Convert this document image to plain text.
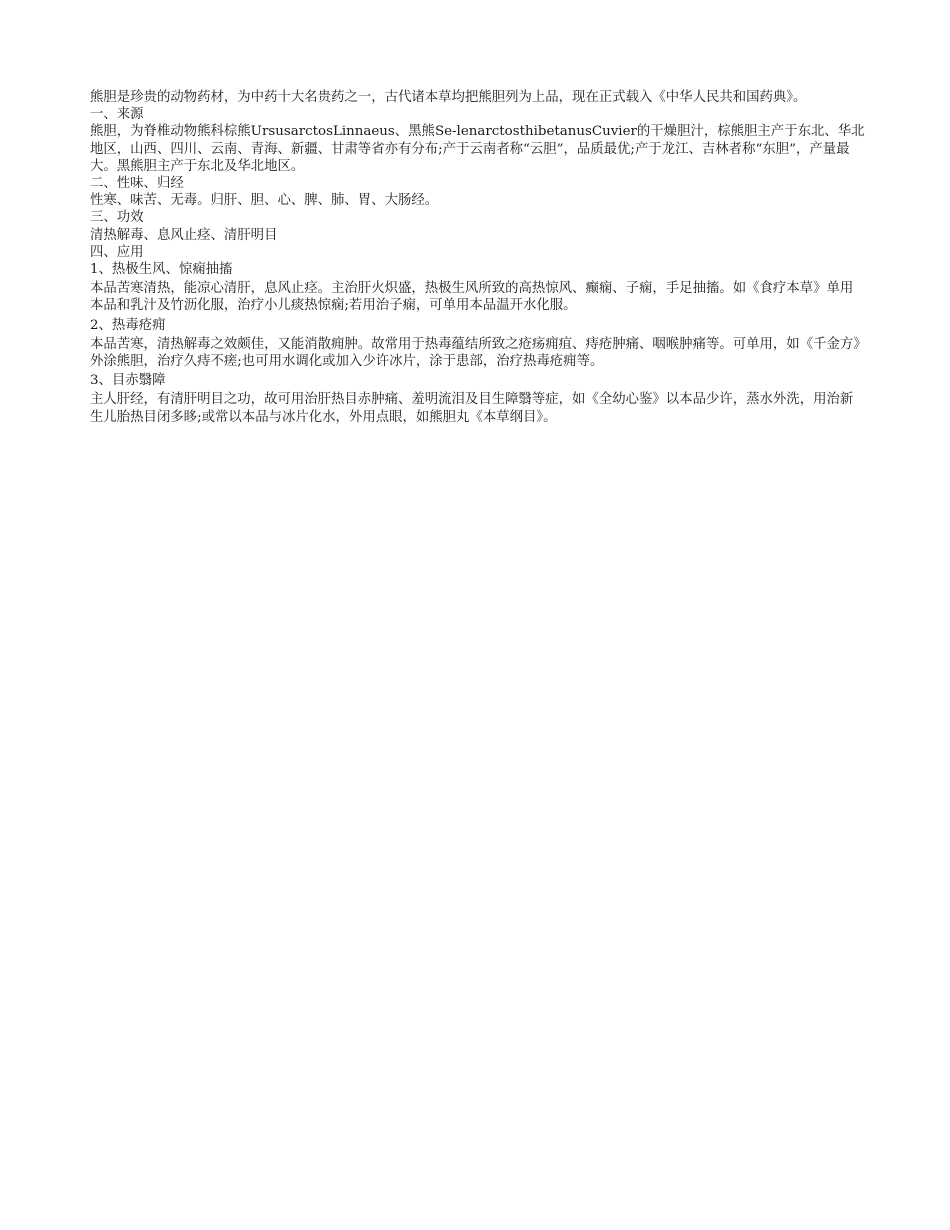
熊胆是珍贵的动物药材，为中药十大名贵药之一，古代诸本草均把熊胆列为上品，现在正式载入《中华人民共和国药典》。

一、来源

熊胆，为脊椎动物熊科棕熊UrsusarctosLinnaeus、黑熊Se-lenarctosthibetanusCuvier的干燥胆汁，棕熊胆主产于东北、华北地区，山西、四川、云南、青海、新疆、甘肃等省亦有分布;产于云南者称“云胆”，品质最优;产于龙江、吉林者称“东胆”，产量最大。黑熊胆主产于东北及华北地区。

二、性味、归经

性寒、味苦、无毒。归肝、胆、心、脾、肺、胃、大肠经。

三、功效

清热解毒、息风止痉、清肝明目

四、应用

1、热极生风、惊痫抽搐

本品苦寒清热，能凉心清肝，息风止痉。主治肝火炽盛，热极生风所致的高热惊风、癫痫、子痫，手足抽搐。如《食疗本草》单用本品和乳汁及竹沥化服，治疗小儿痰热惊痫;若用治子痫，可单用本品温开水化服。

2、热毒疮痈

本品苦寒，清热解毒之效颇佳，又能消散痈肿。故常用于热毒蕴结所致之疮疡痈疽、痔疮肿痛、咽喉肿痛等。可单用，如《千金方》外涂熊胆，治疗久痔不瘥;也可用水调化或加入少许冰片，涂于患部，治疗热毒疮痈等。

3、目赤翳障

主人肝经，有清肝明目之功，故可用治肝热目赤肿痛、羞明流泪及目生障翳等症，如《全幼心鉴》以本品少许，蒸水外洗，用治新生儿胎热目闭多眵;或常以本品与冰片化水，外用点眼，如熊胆丸《本草纲目》。
